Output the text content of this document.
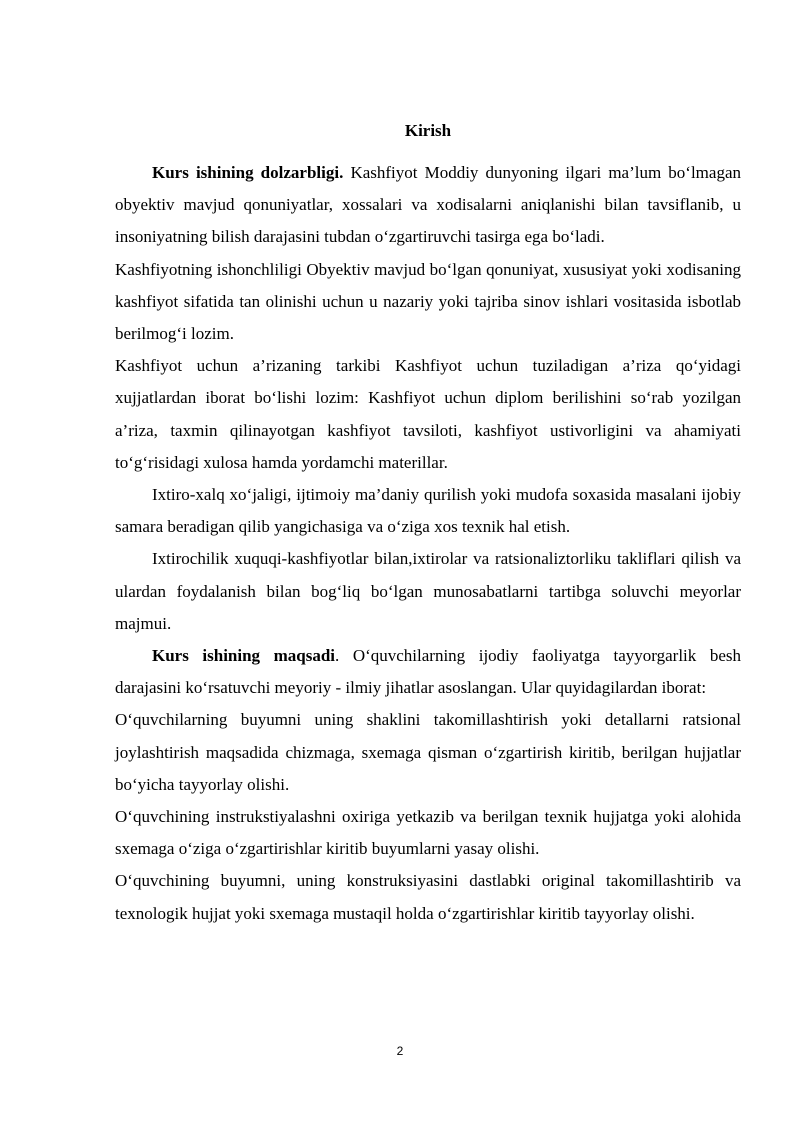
Kirish

Kurs ishining dolzarbligi. Kashfiyot Moddiy dunyoning ilgari ma’lum bo‘lmagan obyektiv mavjud qonuniyatlar, xossalari va xodisalarni aniqlanishi bilan tavsiflanib, u insoniyatning bilish darajasini tubdan o‘zgartiruvchi tasirga ega bo‘ladi.

Kashfiyotning ishonchliligi Obyektiv mavjud bo‘lgan qonuniyat, xususiyat yoki xodisaning kashfiyot sifatida tan olinishi uchun u nazariy yoki tajriba sinov ishlari vositasida isbotlab berilmog‘i lozim.

Kashfiyot uchun a’rizaning tarkibi Kashfiyot uchun tuziladigan a’riza qo‘yidagi xujjatlardan iborat bo‘lishi lozim: Kashfiyot uchun diplom berilishini so‘rab yozilgan a’riza, taxmin qilinayotgan kashfiyot tavsiloti, kashfiyot ustivorligini va ahamiyati to‘g‘risidagi xulosa hamda yordamchi materillar.

Ixtiro-xalq xo‘jaligi, ijtimoiy ma’daniy qurilish yoki mudofa soxasida masalani ijobiy samara beradigan qilib yangichasiga va o‘ziga xos texnik hal etish.

Ixtirochilik xuquqi-kashfiyotlar bilan,ixtirolar va ratsionaliztorliku takliflari qilish va ulardan foydalanish bilan bog‘liq bo‘lgan munosabatlarni tartibga soluvchi meyorlar majmui.

Kurs ishining maqsadi. O‘quvchilarning ijodiy faoliyatga tayyorgarlik besh darajasini ko‘rsatuvchi meyoriy - ilmiy jihatlar asoslangan. Ular quyidagilardan iborat:

O‘quvchilarning buyumni uning shaklini takomillashtirish yoki detallarni ratsional joylashtirish maqsadida chizmaga, sxemaga qisman o‘zgartirish kiritib, berilgan hujjatlar bo‘yicha tayyorlay olishi.

O‘quvchining instrukstiyalashni oxiriga yetkazib va berilgan texnik hujjatga yoki alohida sxemaga o‘ziga o‘zgartirishlar kiritib buyumlarni yasay olishi.

O‘quvchining buyumni, uning konstruksiyasini dastlabki original takomillashtirib va texnologik hujjat yoki sxemaga mustaqil holda o‘zgartirishlar kiritib tayyorlay olishi.

2
